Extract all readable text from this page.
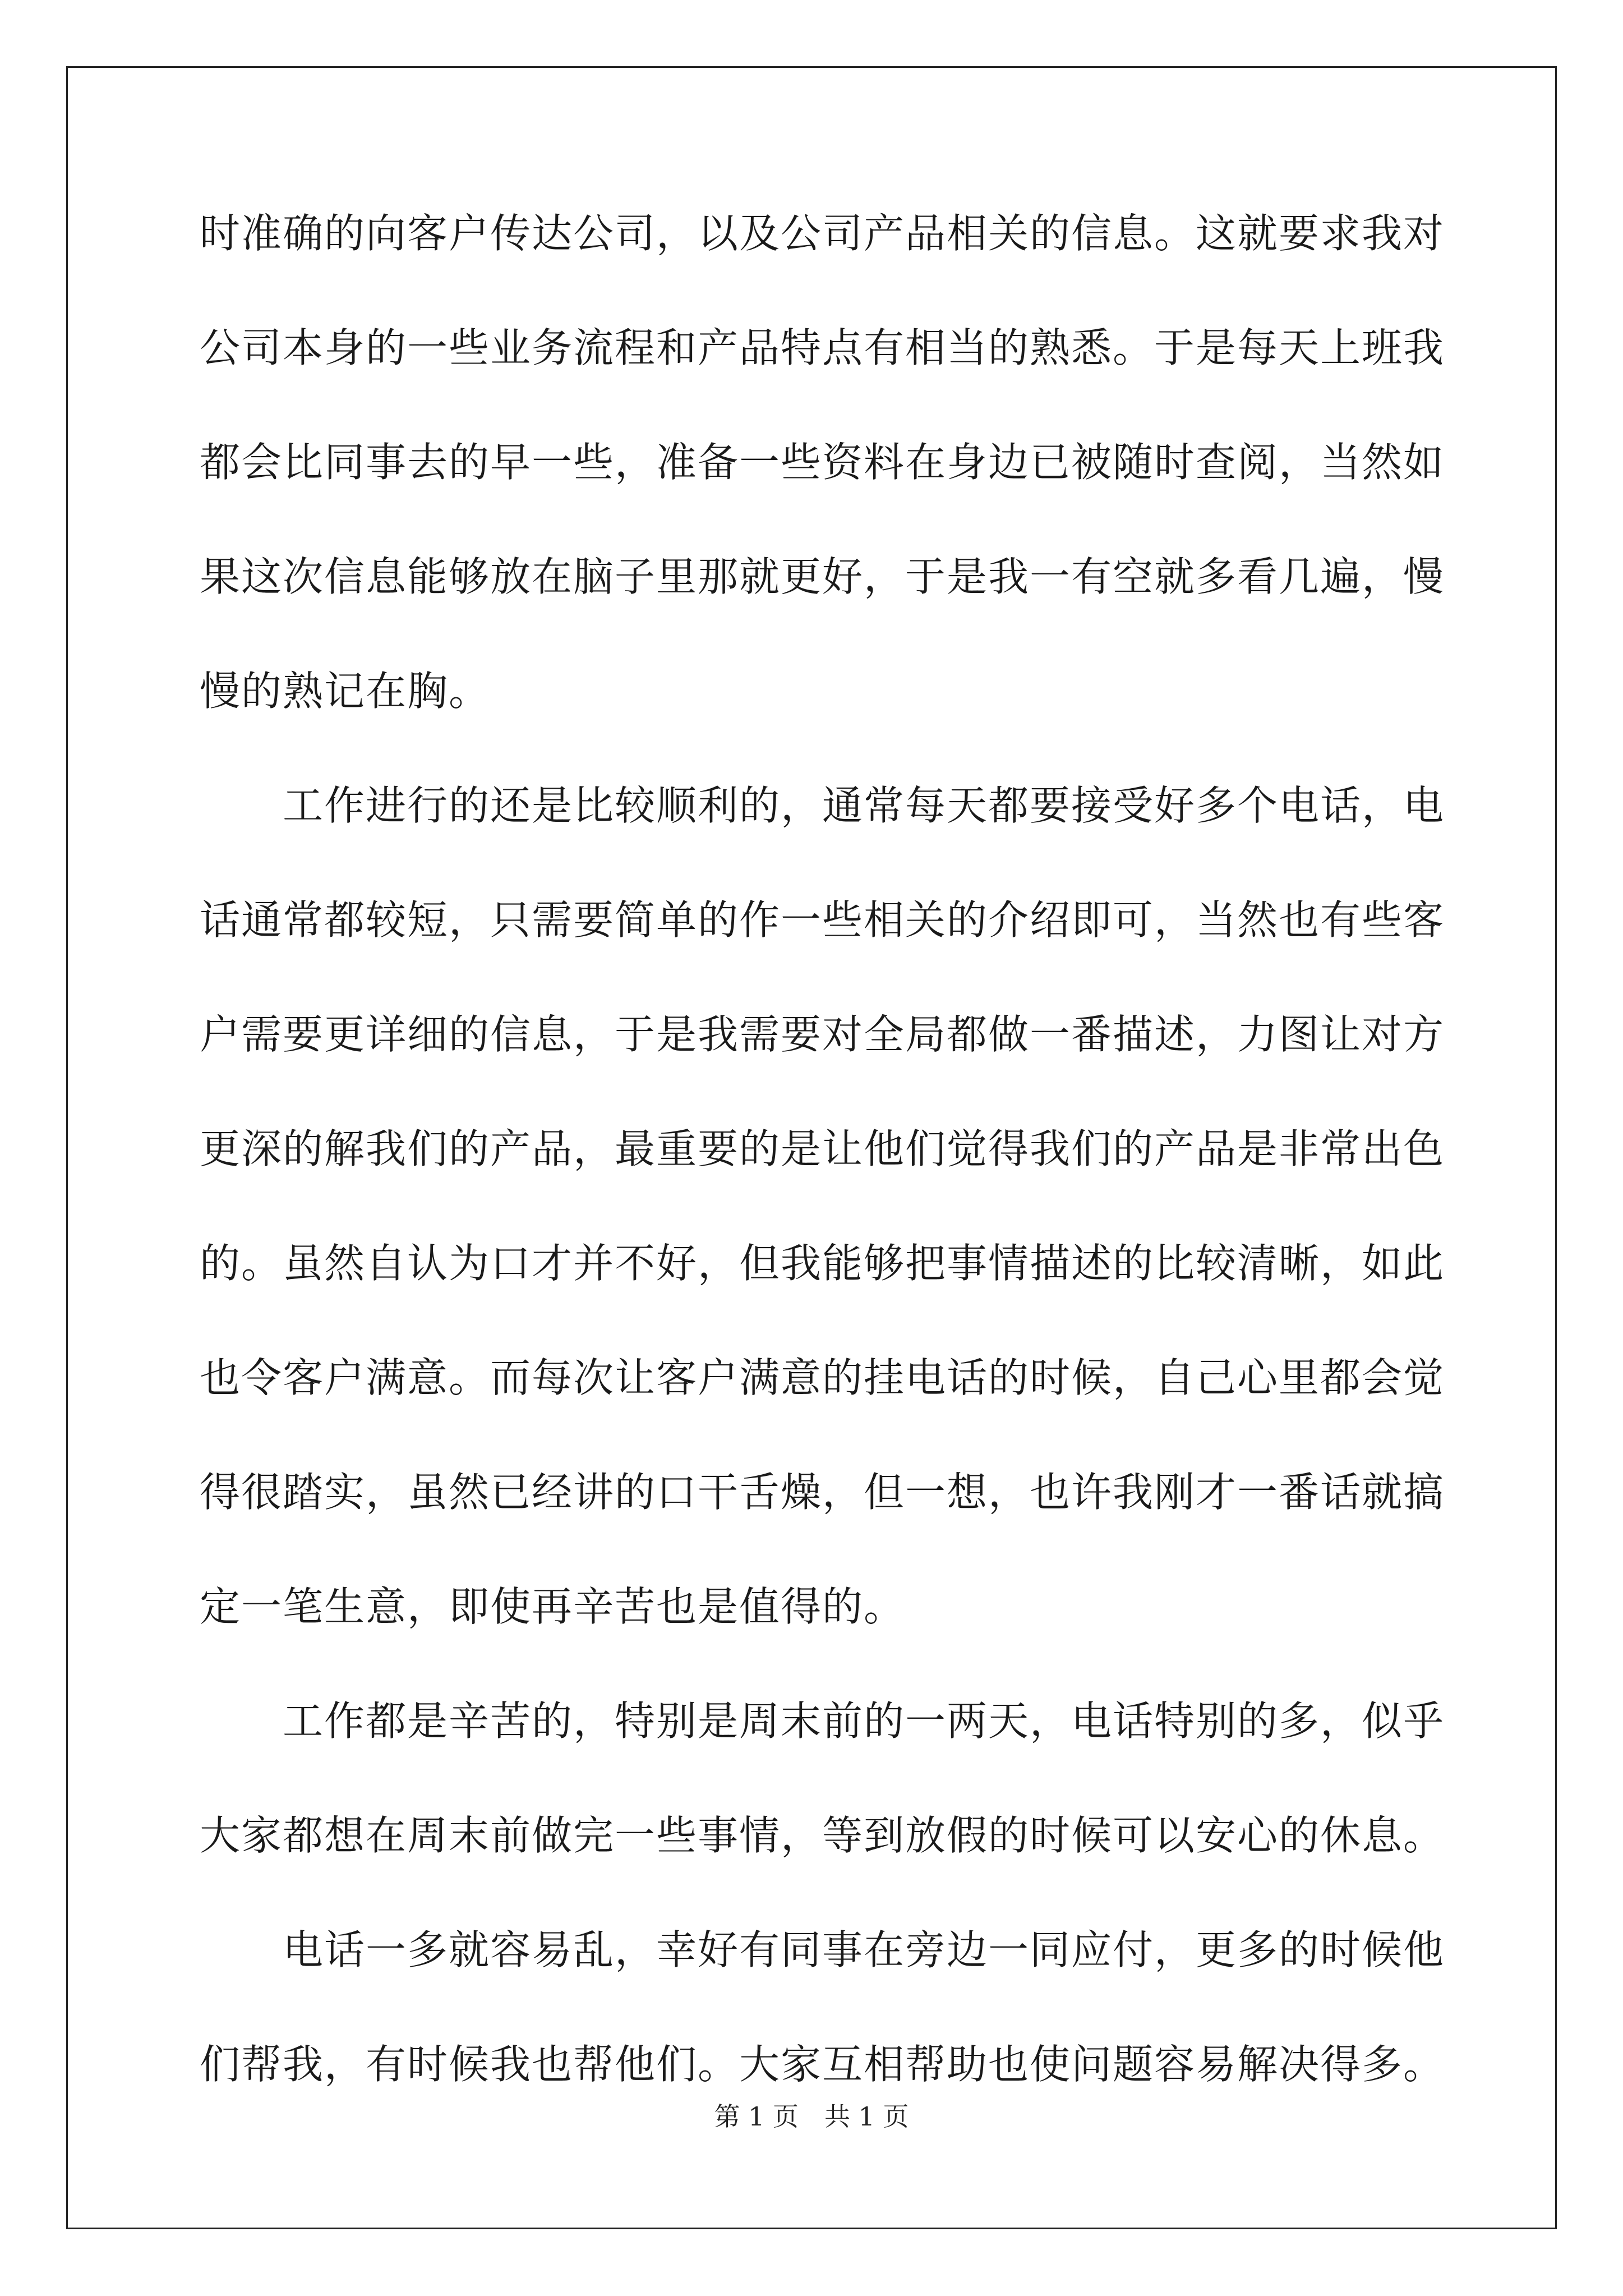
时准确的向客户传达公司，以及公司产品相关的信息。这就要求我对

公司本身的一些业务流程和产品特点有相当的熟悉。于是每天上班我

都会比同事去的早一些，准备一些资料在身边已被随时查阅，当然如

果这次信息能够放在脑子里那就更好，于是我一有空就多看几遍，慢

慢的熟记在胸。

工作进行的还是比较顺利的，通常每天都要接受好多个电话，电

话通常都较短，只需要简单的作一些相关的介绍即可，当然也有些客

户需要更详细的信息，于是我需要对全局都做一番描述，力图让对方

更深的解我们的产品，最重要的是让他们觉得我们的产品是非常出色

的。虽然自认为口才并不好，但我能够把事情描述的比较清晰，如此

也令客户满意。而每次让客户满意的挂电话的时候，自己心里都会觉

得很踏实，虽然已经讲的口干舌燥，但一想，也许我刚才一番话就搞

定一笔生意，即使再辛苦也是值得的。

工作都是辛苦的，特别是周末前的一两天，电话特别的多，似乎

大家都想在周末前做完一些事情，等到放假的时候可以安心的休息。

电话一多就容易乱，幸好有同事在旁边一同应付，更多的时候他

们帮我，有时候我也帮他们。大家互相帮助也使问题容易解决得多。

第 1 页　共 1 页
